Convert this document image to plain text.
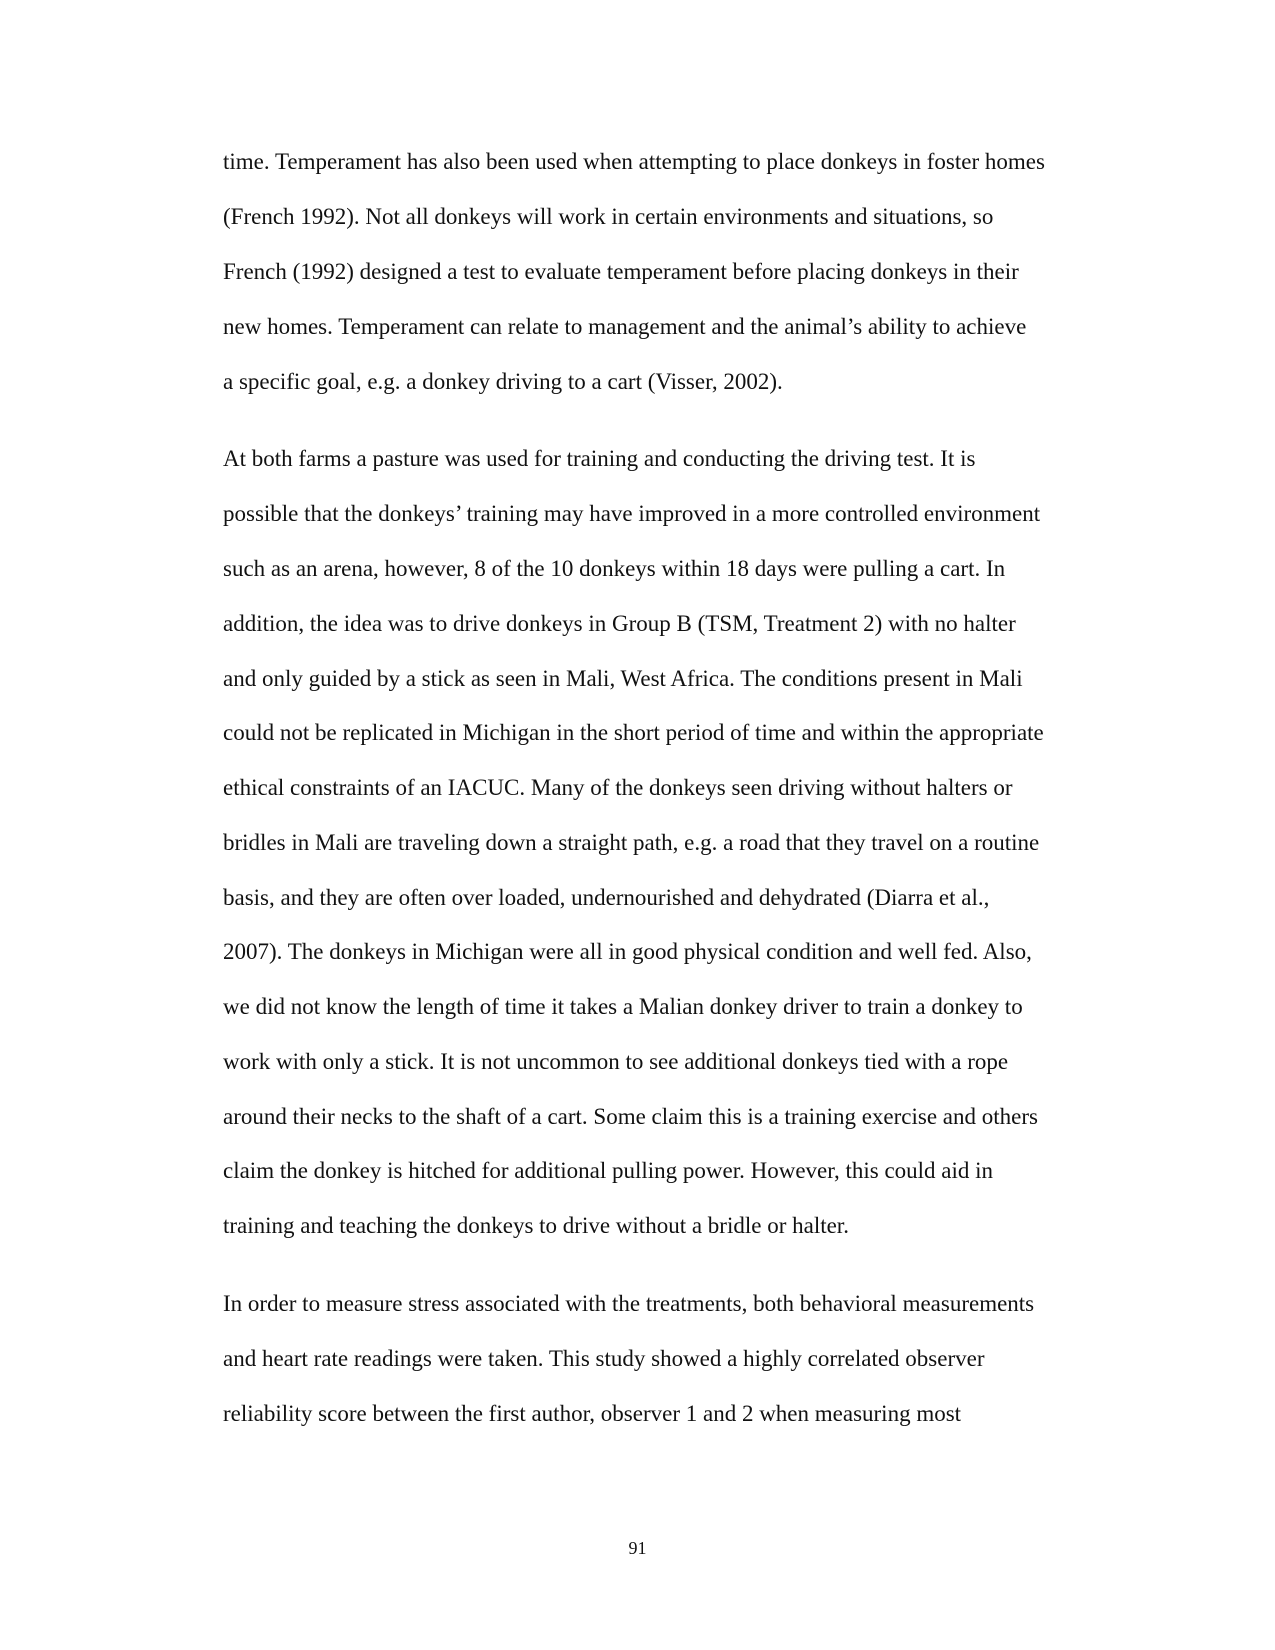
time. Temperament has also been used when attempting to place donkeys in foster homes
(French 1992). Not all donkeys will work in certain environments and situations, so
French (1992) designed a test to evaluate temperament before placing donkeys in their
new homes. Temperament can relate to management and the animal’s ability to achieve
a specific goal, e.g. a donkey driving to a cart (Visser, 2002).
At both farms a pasture was used for training and conducting the driving test. It is
possible that the donkeys’ training may have improved in a more controlled environment
such as an arena, however, 8 of the 10 donkeys within 18 days were pulling a cart. In
addition, the idea was to drive donkeys in Group B (TSM, Treatment 2) with no halter
and only guided by a stick as seen in Mali, West Africa. The conditions present in Mali
could not be replicated in Michigan in the short period of time and within the appropriate
ethical constraints of an IACUC. Many of the donkeys seen driving without halters or
bridles in Mali are traveling down a straight path, e.g. a road that they travel on a routine
basis, and they are often over loaded, undernourished and dehydrated (Diarra et al.,
2007). The donkeys in Michigan were all in good physical condition and well fed. Also,
we did not know the length of time it takes a Malian donkey driver to train a donkey to
work with only a stick. It is not uncommon to see additional donkeys tied with a rope
around their necks to the shaft of a cart. Some claim this is a training exercise and others
claim the donkey is hitched for additional pulling power. However, this could aid in
training and teaching the donkeys to drive without a bridle or halter.
In order to measure stress associated with the treatments, both behavioral measurements
and heart rate readings were taken. This study showed a highly correlated observer
reliability score between the first author, observer 1 and 2 when measuring most
91
